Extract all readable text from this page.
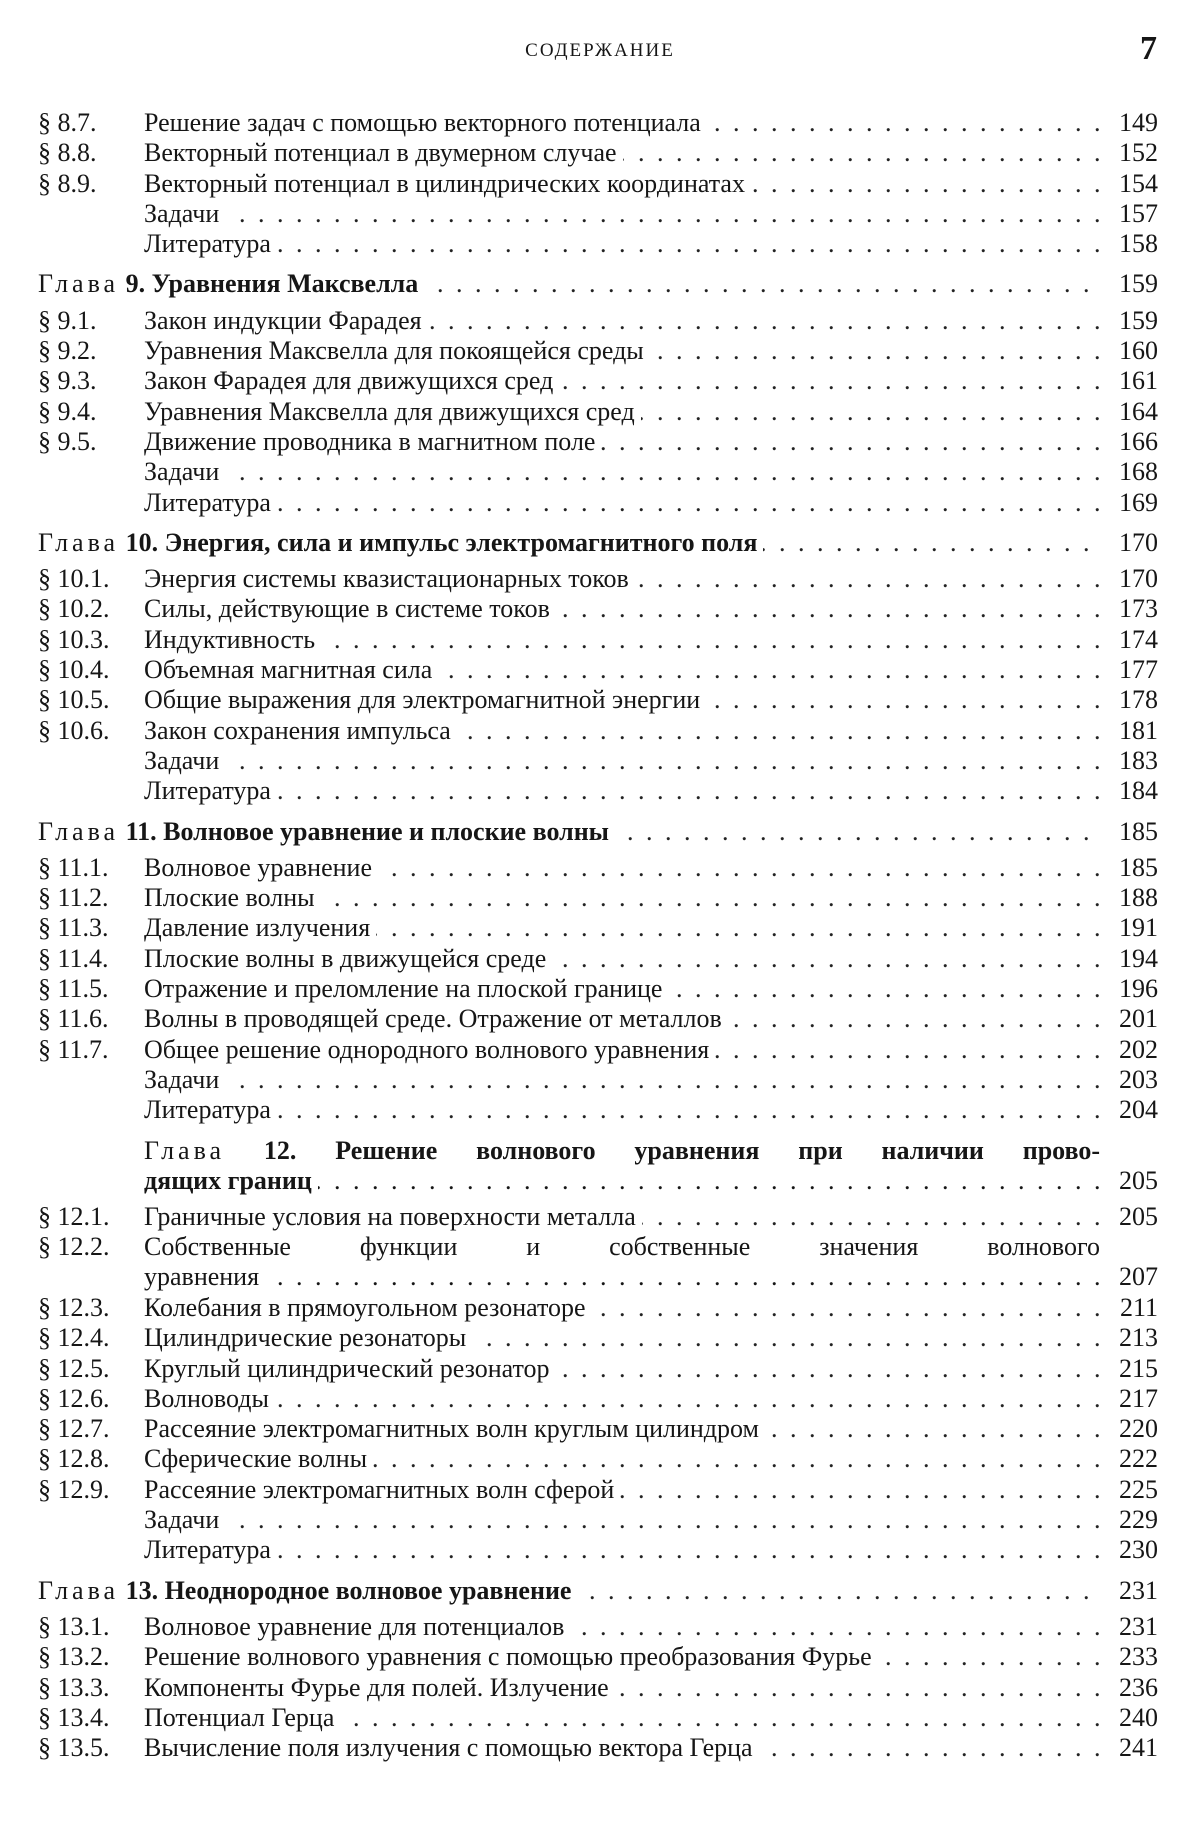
СОДЕРЖАНИЕ	7
§ 8.7.	Решение задач с помощью векторного потенциала . . .	149
§ 8.8.	Векторный потенциал в двумерном случае . . .	152
§ 8.9.	Векторный потенциал в цилиндрических координатах . . .	154
Задачи . . .	157
Литература . . .	158
Глава 9. Уравнения Максвелла . . .	159
§ 9.1.	Закон индукции Фарадея . . .	159
§ 9.2.	Уравнения Максвелла для покоящейся среды . . .	160
§ 9.3.	Закон Фарадея для движущихся сред . . .	161
§ 9.4.	Уравнения Максвелла для движущихся сред . . .	164
§ 9.5.	Движение проводника в магнитном поле . . .	166
Задачи . . .	168
Литература . . .	169
Глава 10. Энергия, сила и импульс электромагнитного поля . . .	170
§ 10.1.	Энергия системы квазистационарных токов . . .	170
§ 10.2.	Силы, действующие в системе токов . . .	173
§ 10.3.	Индуктивность . . .	174
§ 10.4.	Объемная магнитная сила . . .	177
§ 10.5.	Общие выражения для электромагнитной энергии . . .	178
§ 10.6.	Закон сохранения импульса . . .	181
Задачи . . .	183
Литература . . .	184
Глава 11. Волновое уравнение и плоские волны . . .	185
§ 11.1.	Волновое уравнение . . .	185
§ 11.2.	Плоские волны . . .	188
§ 11.3.	Давление излучения . . .	191
§ 11.4.	Плоские волны в движущейся среде . . .	194
§ 11.5.	Отражение и преломление на плоской границе . . .	196
§ 11.6.	Волны в проводящей среде. Отражение от металлов . . .	201
§ 11.7.	Общее решение однородного волнового уравнения . . .	202
Задачи . . .	203
Литература . . .	204
Глава 12. Решение волнового уравнения при наличии прово-
дящих границ . . .	205
§ 12.1.	Граничные условия на поверхности металла . . .	205
§ 12.2.	Собственные функции и собственные значения волнового
уравнения . . .	207
§ 12.3.	Колебания в прямоугольном резонаторе . . .	211
§ 12.4.	Цилиндрические резонаторы . . .	213
§ 12.5.	Круглый цилиндрический резонатор . . .	215
§ 12.6.	Волноводы . . .	217
§ 12.7.	Рассеяние электромагнитных волн круглым цилиндром . . .	220
§ 12.8.	Сферические волны . . .	222
§ 12.9.	Рассеяние электромагнитных волн сферой . . .	225
Задачи . . .	229
Литература . . .	230
Глава 13. Неоднородное волновое уравнение . . .	231
§ 13.1.	Волновое уравнение для потенциалов . . .	231
§ 13.2.	Решение волнового уравнения с помощью преобразования Фурье . . .	233
§ 13.3.	Компоненты Фурье для полей. Излучение . . .	236
§ 13.4.	Потенциал Герца . . .	240
§ 13.5.	Вычисление поля излучения с помощью вектора Герца . . .	241
